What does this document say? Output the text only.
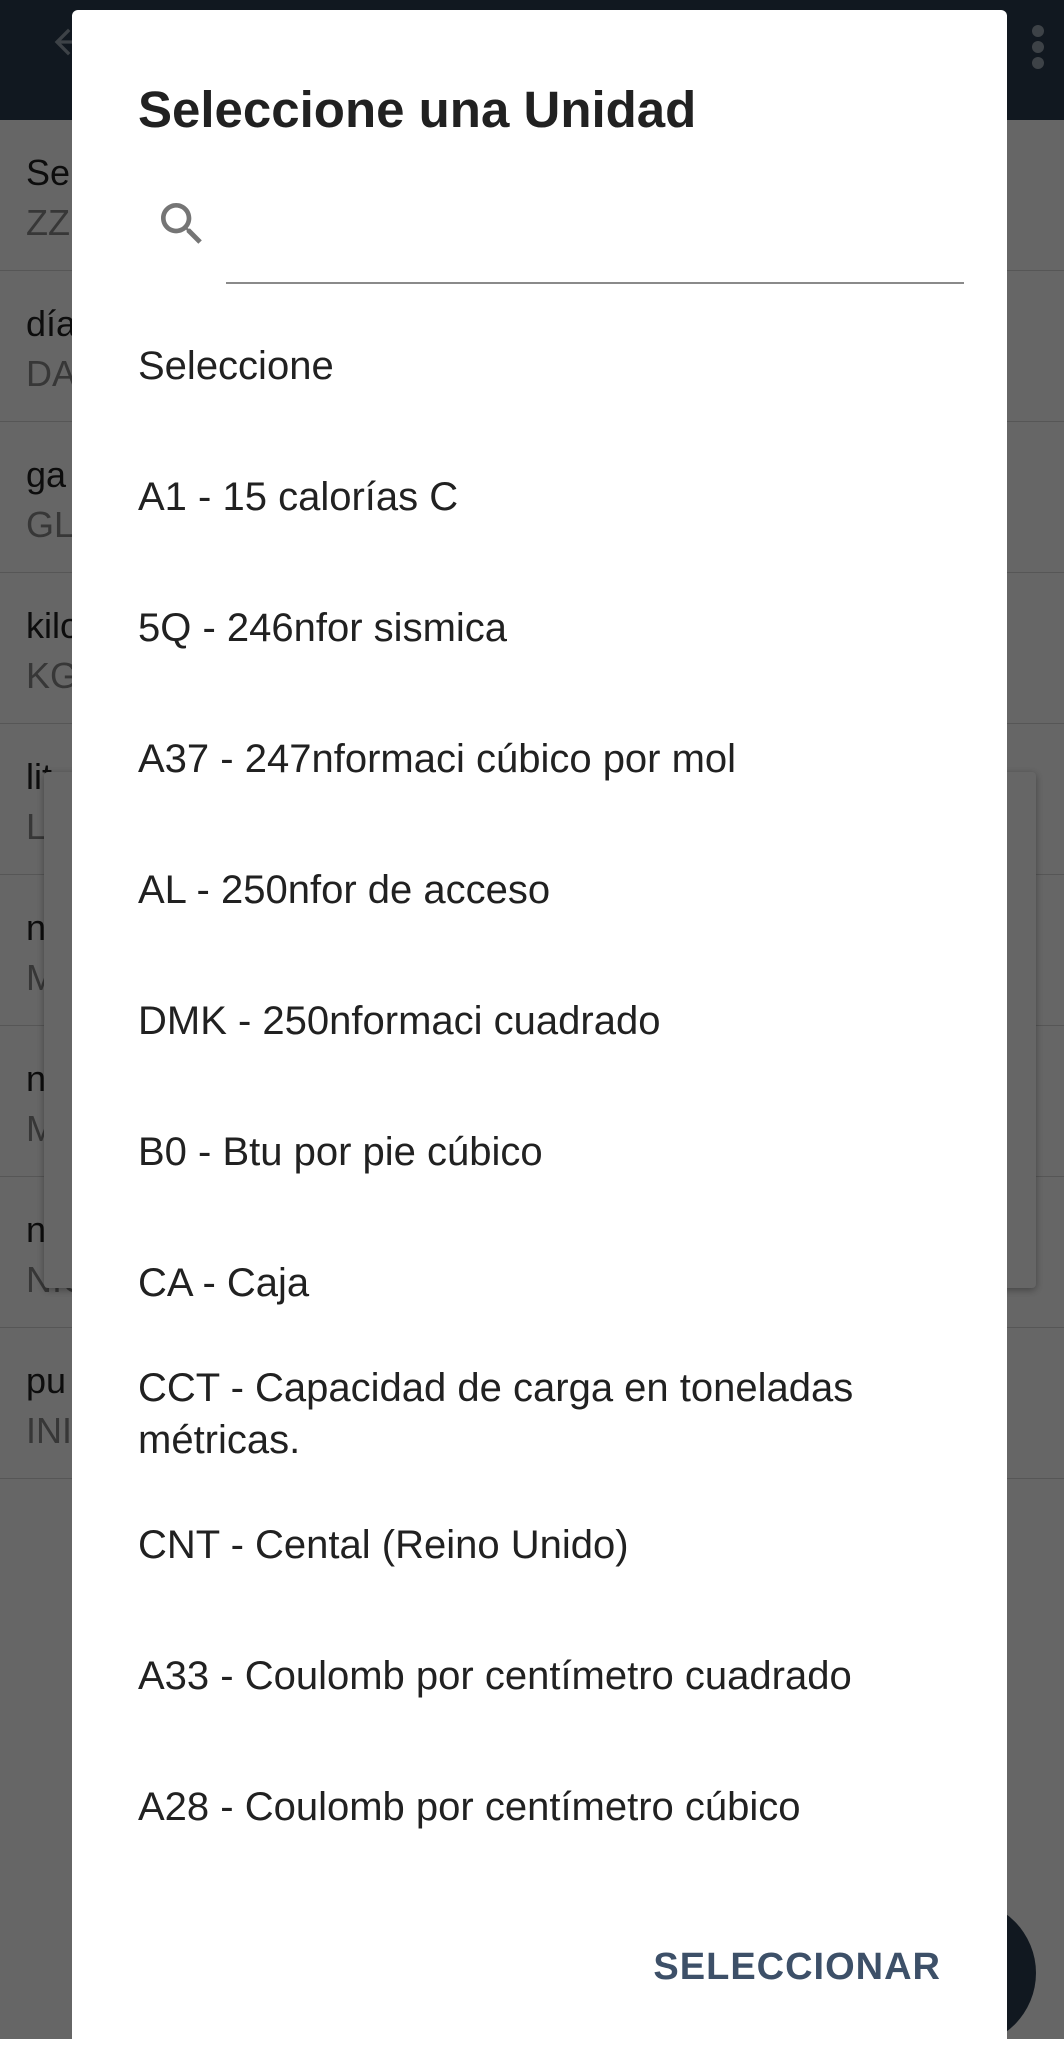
Seleccione una Unidad
Seleccione
A1 - 15 calorías C
5Q - 246nfor sismica
A37 - 247nformaci cúbico por mol
AL - 250nfor de acceso
DMK - 250nformaci cuadrado
B0 - Btu por pie cúbico
CA - Caja
CCT - Capacidad de carga en toneladas métricas.
CNT - Cental (Reino Unido)
A33 - Coulomb por centímetro cuadrado
A28 - Coulomb por centímetro cúbico
SELECCIONAR
